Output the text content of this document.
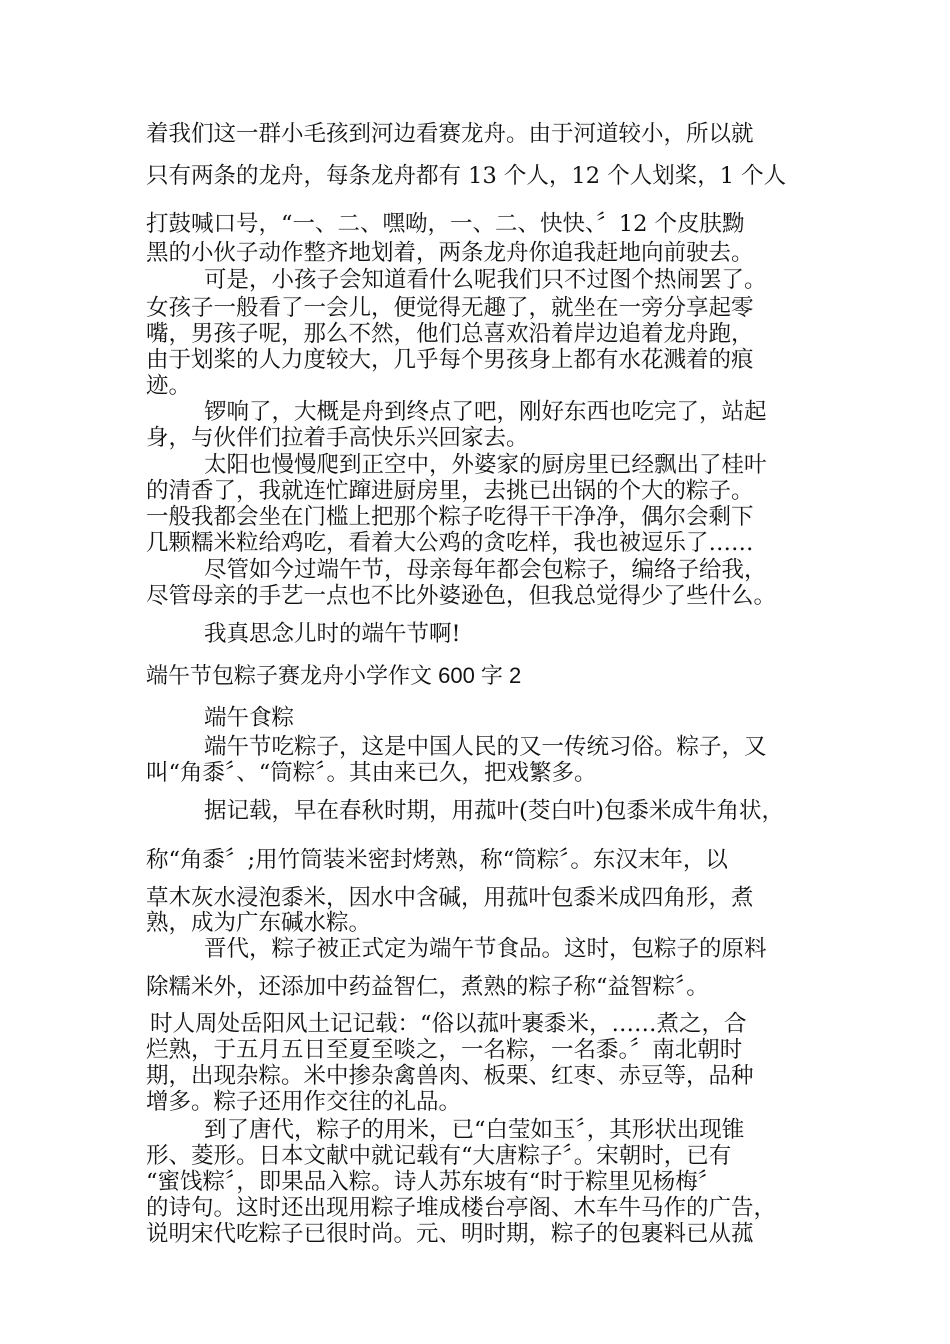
着我们这一群小毛孩到河边看赛龙舟。由于河道较小，所以就
只有两条的龙舟，每条龙舟都有 13 个人，12 个人划桨，1 个人
打鼓喊口号，“一、二、嘿呦，一、二、快快、〞12 个皮肤黝
黑的小伙子动作整齐地划着，两条龙舟你追我赶地向前驶去。
可是，小孩子会知道看什么呢我们只不过图个热闹罢了。
女孩子一般看了一会儿，便觉得无趣了，就坐在一旁分享起零
嘴，男孩子呢，那么不然，他们总喜欢沿着岸边追着龙舟跑，
由于划桨的人力度较大，几乎每个男孩身上都有水花溅着的痕
迹。
锣响了，大概是舟到终点了吧，刚好东西也吃完了，站起
身，与伙伴们拉着手高快乐兴回家去。
太阳也慢慢爬到正空中，外婆家的厨房里已经飘出了桂叶
的清香了，我就连忙蹿进厨房里，去挑已出锅的个大的粽子。
一般我都会坐在门槛上把那个粽子吃得干干净净，偶尔会剩下
几颗糯米粒给鸡吃，看着大公鸡的贪吃样，我也被逗乐了……
尽管如今过端午节，母亲每年都会包粽子，编络子给我，
尽管母亲的手艺一点也不比外婆逊色，但我总觉得少了些什么。
我真思念儿时的端午节啊!
端午节包粽子赛龙舟小学作文 600 字 2
端午食粽
端午节吃粽子，这是中国人民的又一传统习俗。粽子，又
叫“角黍〞、“筒粽〞。其由来已久，把戏繁多。
据记载，早在春秋时期，用菰叶(茭白叶)包黍米成牛角状，
称“角黍〞;用竹筒装米密封烤熟，称“筒粽〞。东汉末年，以
草木灰水浸泡黍米，因水中含碱，用菰叶包黍米成四角形，煮
熟，成为广东碱水粽。
晋代，粽子被正式定为端午节食品。这时，包粽子的原料
除糯米外，还添加中药益智仁，煮熟的粽子称“益智粽〞。
时人周处岳阳风土记记载：“俗以菰叶裹黍米，……煮之，合
烂熟，于五月五日至夏至啖之，一名粽，一名黍。〞南北朝时
期，出现杂粽。米中掺杂禽兽肉、板栗、红枣、赤豆等，品种
增多。粽子还用作交往的礼品。
到了唐代，粽子的用米，已“白莹如玉〞，其形状出现锥
形、菱形。日本文献中就记载有“大唐粽子〞。宋朝时，已有
“蜜饯粽〞，即果品入粽。诗人苏东坡有“时于粽里见杨梅〞
的诗句。这时还出现用粽子堆成楼台亭阁、木车牛马作的广告，
说明宋代吃粽子已很时尚。元、明时期，粽子的包裹料已从菰
